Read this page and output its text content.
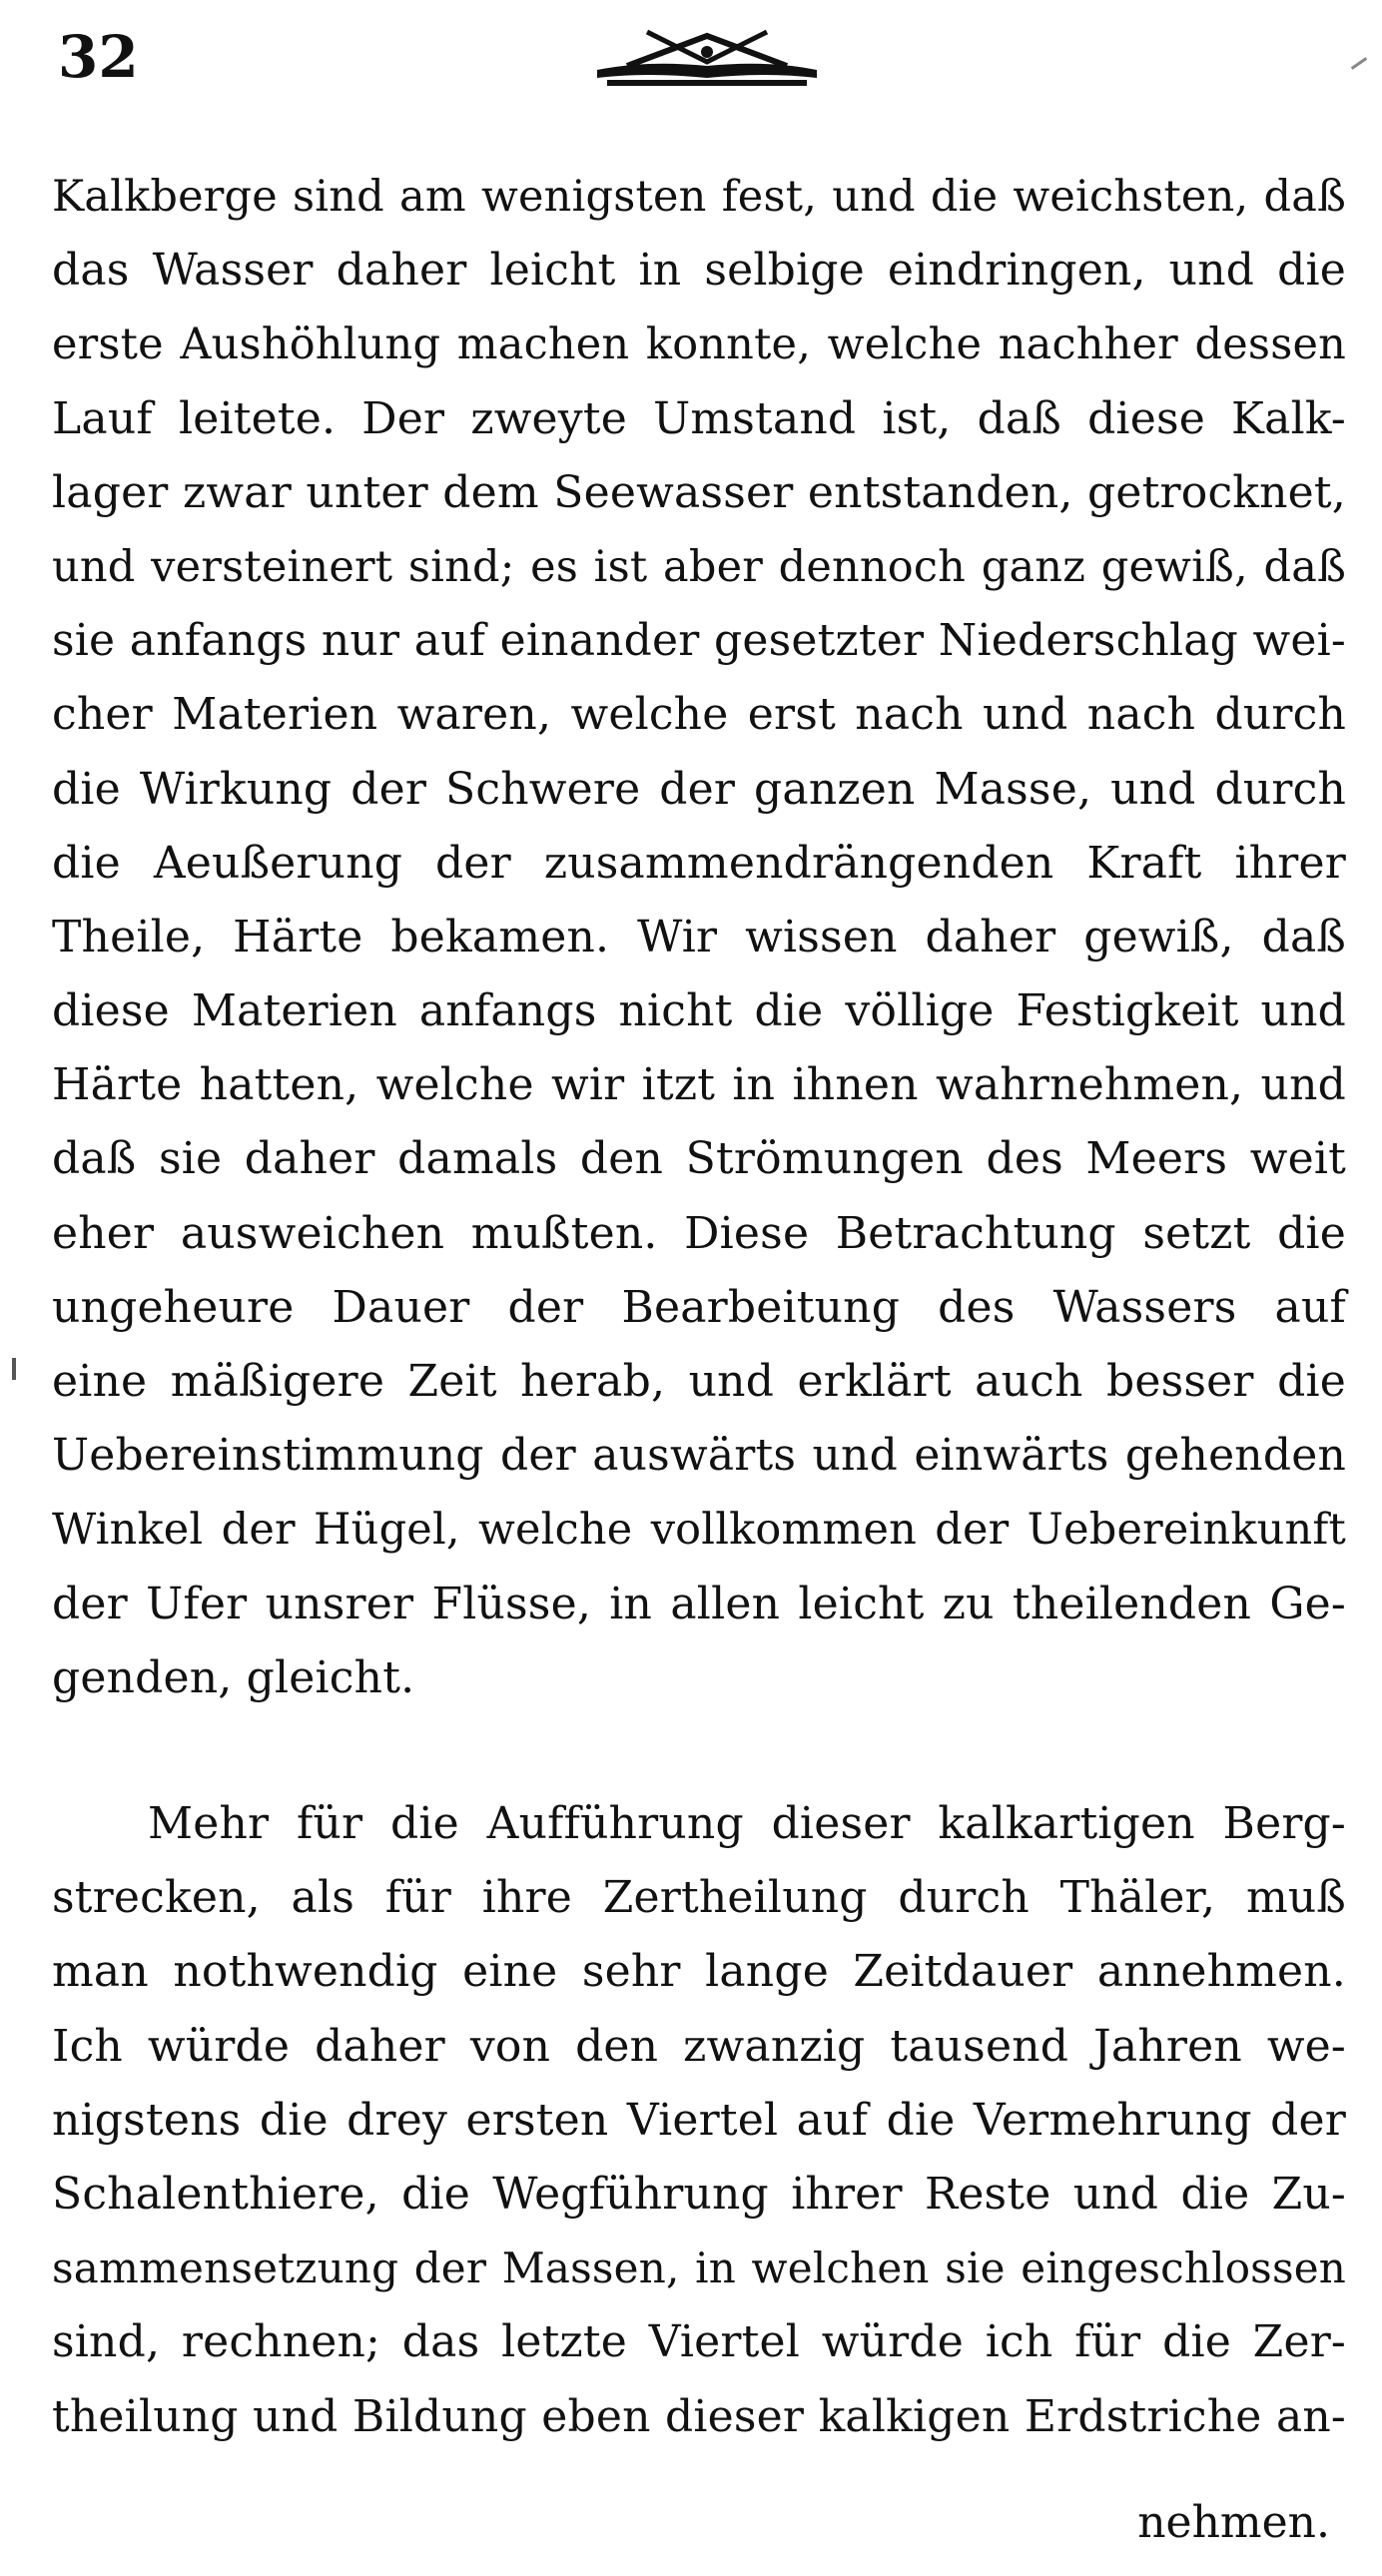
32
Kalkberge sind am wenigsten fest, und die weichsten, daß
das Wasser daher leicht in selbige eindringen, und die
erste Aushöhlung machen konnte, welche nachher dessen
Lauf leitete. Der zweyte Umstand ist, daß diese Kalk-
lager zwar unter dem Seewasser entstanden, getrocknet,
und versteinert sind; es ist aber dennoch ganz gewiß, daß
sie anfangs nur auf einander gesetzter Niederschlag wei-
cher Materien waren, welche erst nach und nach durch
die Wirkung der Schwere der ganzen Masse, und durch
die Aeußerung der zusammendrängenden Kraft ihrer
Theile, Härte bekamen. Wir wissen daher gewiß, daß
diese Materien anfangs nicht die völlige Festigkeit und
Härte hatten, welche wir itzt in ihnen wahrnehmen, und
daß sie daher damals den Strömungen des Meers weit
eher ausweichen mußten. Diese Betrachtung setzt die
ungeheure Dauer der Bearbeitung des Wassers auf
eine mäßigere Zeit herab, und erklärt auch besser die
Uebereinstimmung der auswärts und einwärts gehenden
Winkel der Hügel, welche vollkommen der Uebereinkunft
der Ufer unsrer Flüsse, in allen leicht zu theilenden Ge-
genden, gleicht.
Mehr für die Aufführung dieser kalkartigen Berg-
strecken, als für ihre Zertheilung durch Thäler, muß
man nothwendig eine sehr lange Zeitdauer annehmen.
Ich würde daher von den zwanzig tausend Jahren we-
nigstens die drey ersten Viertel auf die Vermehrung der
Schalenthiere, die Wegführung ihrer Reste und die Zu-
sammensetzung der Massen, in welchen sie eingeschlossen
sind, rechnen; das letzte Viertel würde ich für die Zer-
theilung und Bildung eben dieser kalkigen Erdstriche an-
nehmen.
